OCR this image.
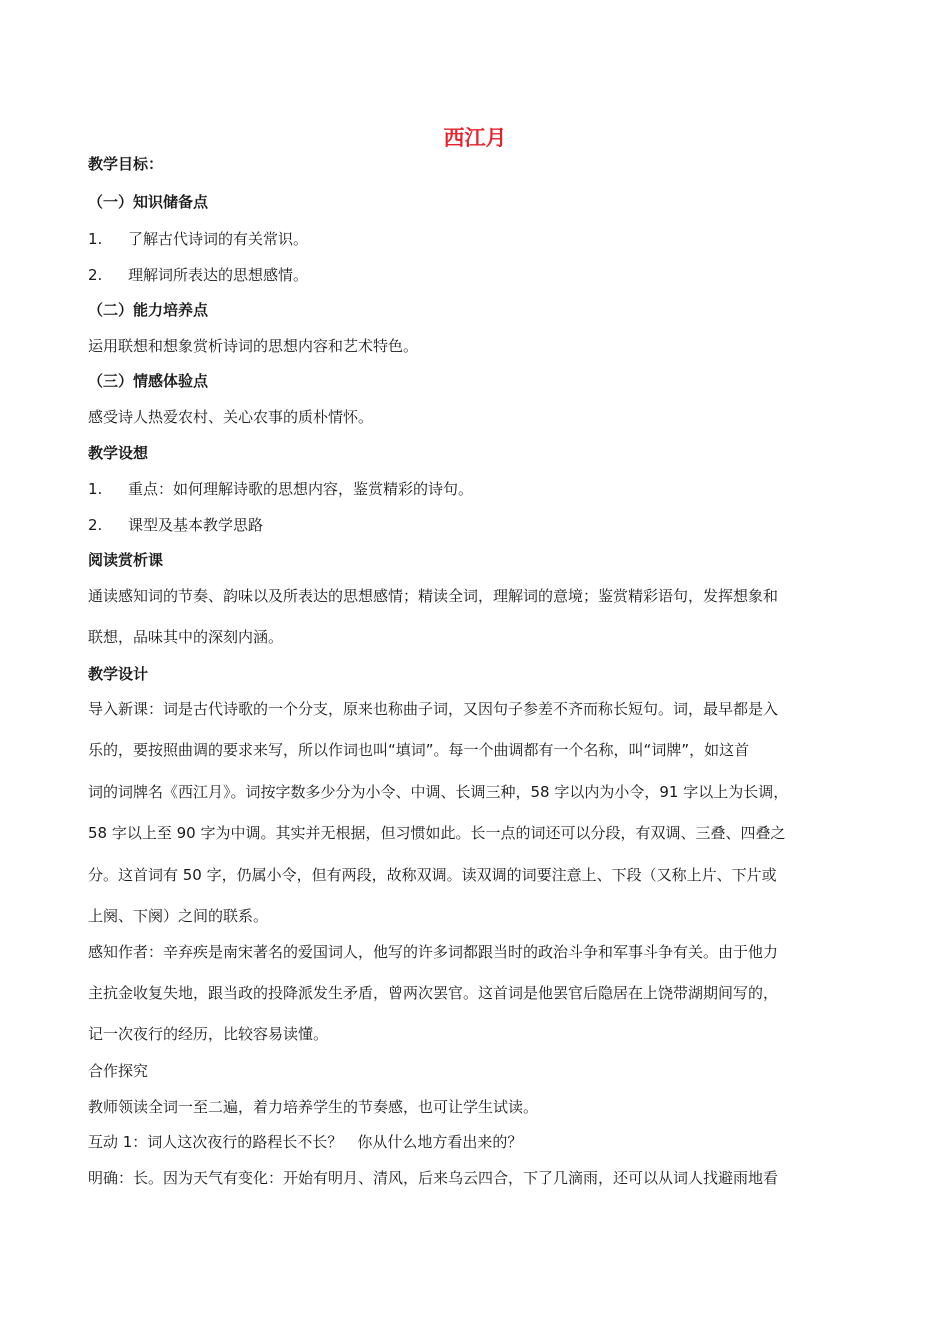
西江月

教学目标：

（一）知识储备点

1. 了解古代诗词的有关常识。

2. 理解词所表达的思想感情。

（二）能力培养点

运用联想和想象赏析诗词的思想内容和艺术特色。

（三）情感体验点

感受诗人热爱农村、关心农事的质朴情怀。

教学设想

1. 重点：如何理解诗歌的思想内容，鉴赏精彩的诗句。

2. 课型及基本教学思路

阅读赏析课

通读感知词的节奏、韵味以及所表达的思想感情；精读全词，理解词的意境；鉴赏精彩语句，发挥想象和

联想，品味其中的深刻内涵。

教学设计

导入新课：词是古代诗歌的一个分支，原来也称曲子词，又因句子参差不齐而称长短句。词，最早都是入

乐的，要按照曲调的要求来写，所以作词也叫“填词”。每一个曲调都有一个名称，叫“词牌”，如这首

词的词牌名《西江月》。词按字数多少分为小令、中调、长调三种，58 字以内为小令，91 字以上为长调，

58 字以上至 90 字为中调。其实并无根据，但习惯如此。长一点的词还可以分段，有双调、三叠、四叠之

分。这首词有 50 字，仍属小令，但有两段，故称双调。读双调的词要注意上、下段（又称上片、下片或

上阕、下阕）之间的联系。

感知作者：辛弃疾是南宋著名的爱国词人，他写的许多词都跟当时的政治斗争和军事斗争有关。由于他力

主抗金收复失地，跟当政的投降派发生矛盾，曾两次罢官。这首词是他罢官后隐居在上饶带湖期间写的，

记一次夜行的经历，比较容易读懂。

合作探究

教师领读全词一至二遍，着力培养学生的节奏感，也可让学生试读。

互动 1：词人这次夜行的路程长不长？　你从什么地方看出来的？

明确：长。因为天气有变化：开始有明月、清风，后来乌云四合，下了几滴雨，还可以从词人找避雨地看
